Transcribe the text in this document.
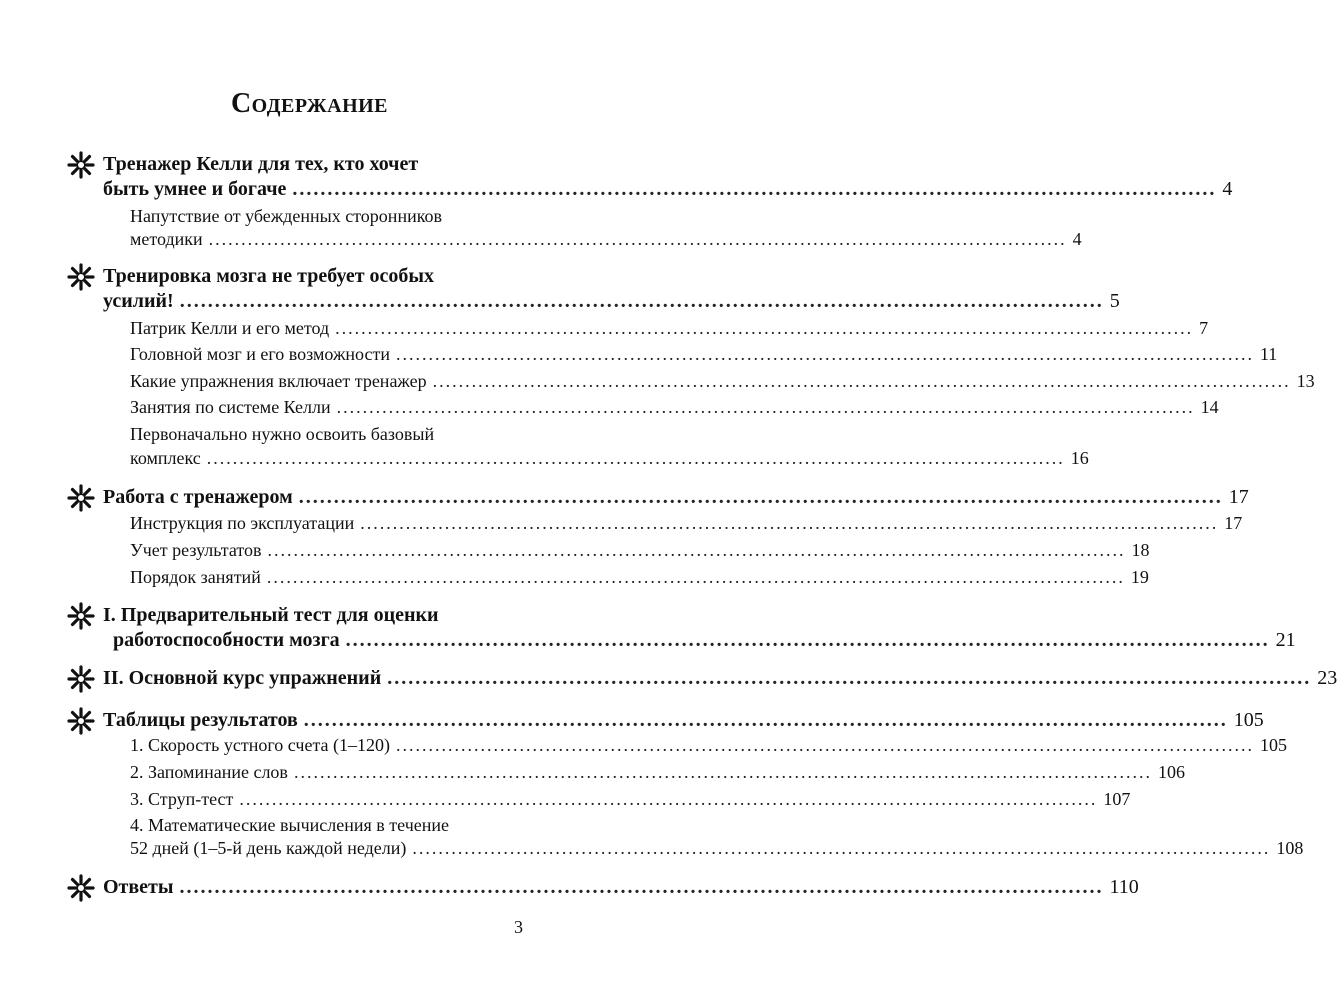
Содержание
Тренажер Келли для тех, кто хочет
быть умнее и богаче .................................................................................................................................... 4
Напутствие от убежденных сторонников
методики .................................................................................................................................... 4
Тренировка мозга не требует особых
усилий! .................................................................................................................................... 5
Патрик Келли и его метод .................................................................................................................................... 7
Головной мозг и его возможности .................................................................................................................................... 11
Какие упражнения включает тренажер .................................................................................................................................... 13
Занятия по системе Келли .................................................................................................................................... 14
Первоначально нужно освоить базовый
комплекс .................................................................................................................................... 16
Работа с тренажером .................................................................................................................................... 17
Инструкция по эксплуатации .................................................................................................................................... 17
Учет результатов .................................................................................................................................... 18
Порядок занятий .................................................................................................................................... 19
I. Предварительный тест для оценки
работоспособности мозга .................................................................................................................................... 21
II. Основной курс упражнений .................................................................................................................................... 23
Таблицы результатов .................................................................................................................................... 105
1. Скорость устного счета (1–120) .................................................................................................................................... 105
2. Запоминание слов .................................................................................................................................... 106
3. Струп-тест .................................................................................................................................... 107
4. Математические вычисления в течение
52 дней (1–5-й день каждой недели) .................................................................................................................................... 108
Ответы .................................................................................................................................... 110
3
